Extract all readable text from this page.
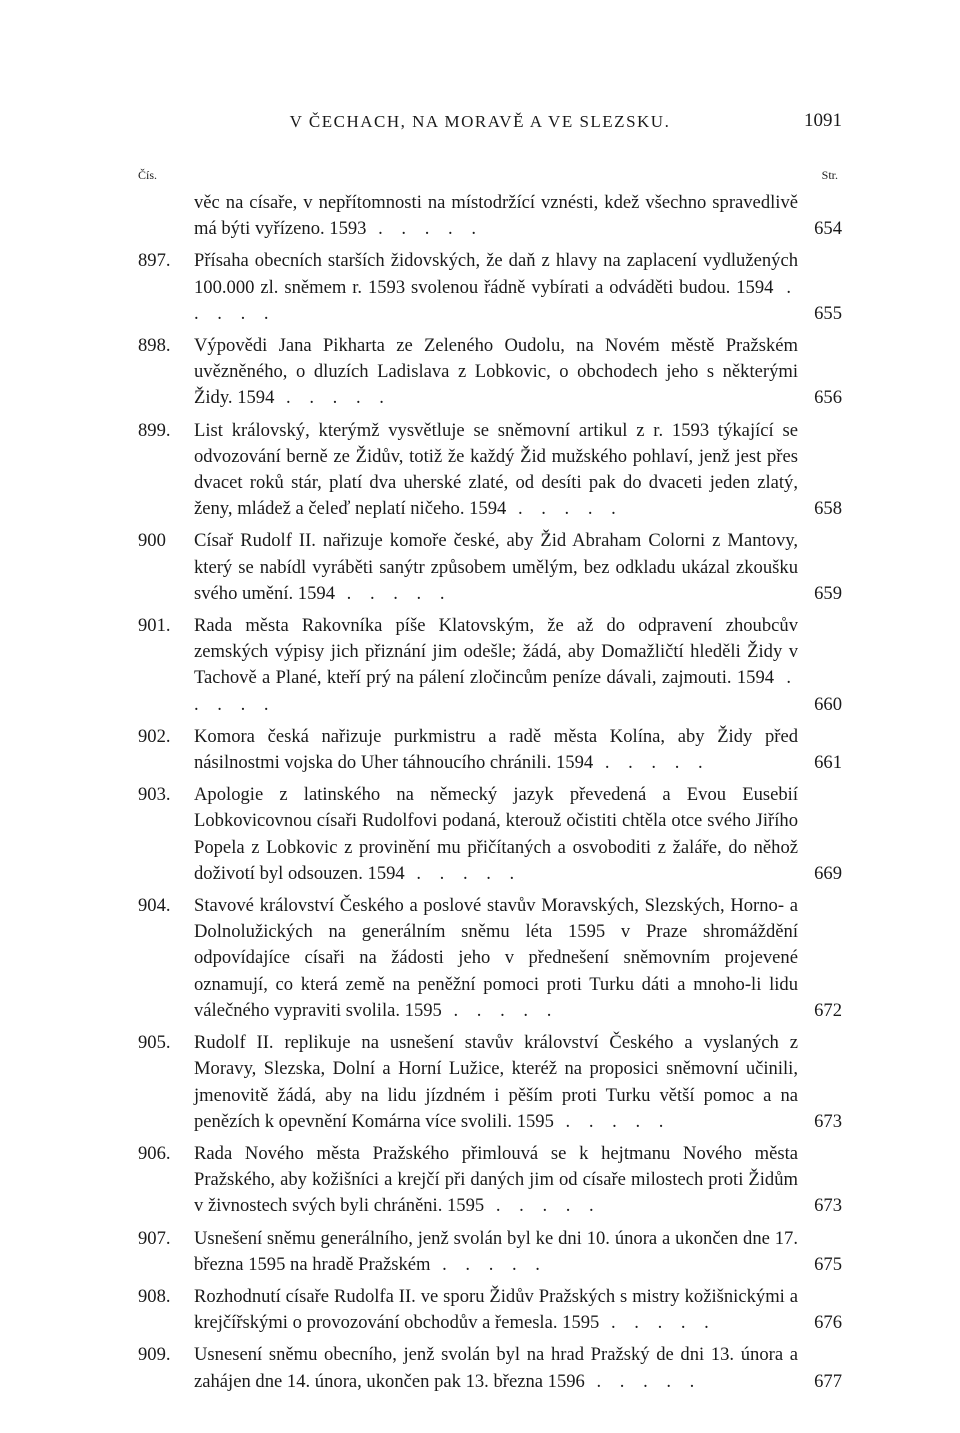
V ČECHACH, NA MORAVĚ A VE SLEZSKU.	1091
Čís.	Str.
věc na císaře, v nepřítomnosti na místodržící vznésti, kdež všechno spravedlivě má býti vyřízeno. 1593 . . . . .	654
897. Přísaha obecních starších židovských, že daň z hlavy na zaplacení vydlužených 100.000 zl. sněmem r. 1593 svolenou řádně vybírati a odváděti budou. 1594 . . . . .	655
898. Výpovědi Jana Pikharta ze Zeleného Oudolu, na Novém městě Pražském uvězněného, o dluzích Ladislava z Lobkovic, o obchodech jeho s některými Židy. 1594 . . . . .	656
899. List královský, kterýmž vysvětluje se sněmovní artikul z r. 1593 týkající se odvozování berně ze Židův, totiž že každý Žid mužského pohlaví, jenž jest přes dvacet roků stár, platí dva uherské zlaté, od desíti pak do dvaceti jeden zlatý, ženy, mládež a čeleď neplatí ničeho. 1594 . . . . .	658
900 Císař Rudolf II. nařizuje komoře české, aby Žid Abraham Colorni z Mantovy, který se nabídl vyráběti sanýtr způsobem umělým, bez odkladu ukázal zkoušku svého umění. 1594 . . . . .	659
901. Rada města Rakovníka píše Klatovským, že až do odpravení zhoubcův zemských výpisy jich přiznání jim odešle; žádá, aby Domažličtí hleděli Židy v Tachově a Plané, kteří prý na pálení zločincům peníze dávali, zajmouti. 1594 . . . . .	660
902. Komora česká nařizuje purkmistru a radě města Kolína, aby Židy před násilnostmi vojska do Uher táhnoucího chránili. 1594 . . . . .	661
903. Apologie z latinského na německý jazyk převedená a Evou Eusebií Lobkovicovnou císaři Rudolfovi podaná, kterouž očistiti chtěla otce svého Jiřího Popela z Lobkovic z provinění mu přičítaných a osvoboditi z žaláře, do něhož doživotí byl odsouzen. 1594 . . . . .	669
904. Stavové království Českého a poslové stavův Moravských, Slezských, Horno- a Dolnolužických na generálním sněmu léta 1595 v Praze shromáždění odpovídajíce císaři na žádosti jeho v přednešení sněmovním projevené oznamují, co která země na peněžní pomoci proti Turku dáti a mnoho-li lidu válečného vypraviti svolila. 1595 . . . . .	672
905. Rudolf II. replikuje na usnešení stavův království Českého a vyslaných z Moravy, Slezska, Dolní a Horní Lužice, kteréž na proposici sněmovní učinili, jmenovitě žádá, aby na lidu jízdném i pěším proti Turku větší pomoc a na penězích k opevnění Komárna více svolili. 1595 . . . . .	673
906. Rada Nového města Pražského přimlouvá se k hejtmanu Nového města Pražského, aby kožišníci a krejčí při daných jim od císaře milostech proti Židům v živnostech svých byli chráněni. 1595 . . . . .	673
907. Usnešení sněmu generálního, jenž svolán byl ke dni 10. února a ukončen dne 17. března 1595 na hradě Pražském . . . . .	675
908. Rozhodnutí císaře Rudolfa II. ve sporu Židův Pražských s mistry kožišnickými a krejčířskými o provozování obchodův a řemesla. 1595 . . . . .	676
909. Usnesení sněmu obecního, jenž svolán byl na hrad Pražský de dni 13. února a zahájen dne 14. února, ukončen pak 13. března 1596 . . . . .	677
